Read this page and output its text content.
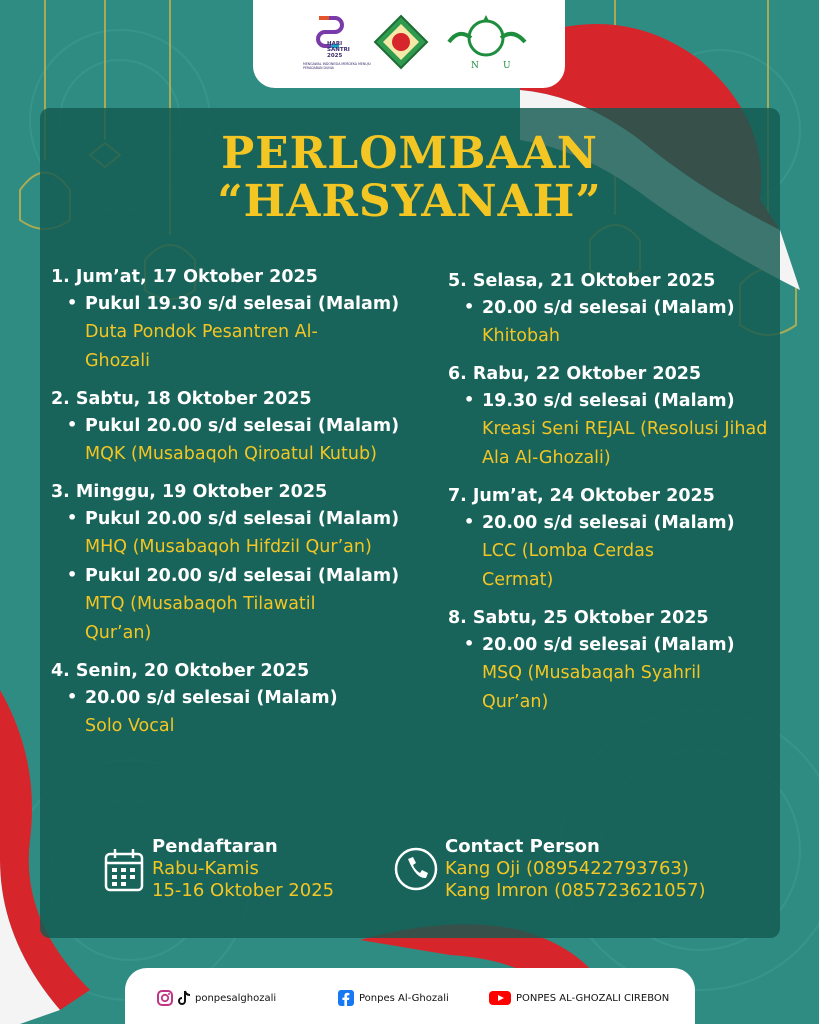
HARI
SANTRI
2025
MENGAWAL INDONESIA MERDEKA MENUJU PERADABAN DUNIA	N	U
PERLOMBAAN
“HARSYANAH”
1. Jum’at, 17 Oktober 2025
• Pukul 19.30 s/d selesai (Malam)
Duta Pondok Pesantren Al-Ghozali
2. Sabtu, 18 Oktober 2025
• Pukul 20.00 s/d selesai (Malam)
MQK (Musabaqoh Qiroatul Kutub)
3. Minggu, 19 Oktober 2025
• Pukul 20.00 s/d selesai (Malam)
MHQ (Musabaqoh Hifdzil Qur’an)
• Pukul 20.00 s/d selesai (Malam)
MTQ (Musabaqoh Tilawatil Qur’an)
4. Senin, 20 Oktober 2025
• 20.00 s/d selesai (Malam)
Solo Vocal
5. Selasa, 21 Oktober 2025
• 20.00 s/d selesai (Malam)
Khitobah
6. Rabu, 22 Oktober 2025
• 19.30 s/d selesai (Malam)
Kreasi Seni REJAL (Resolusi Jihad Ala Al-Ghozali)
7. Jum’at, 24 Oktober 2025
• 20.00 s/d selesai (Malam)
LCC (Lomba Cerdas Cermat)
8. Sabtu, 25 Oktober 2025
• 20.00 s/d selesai (Malam)
MSQ (Musabaqah Syahril Qur’an)
Pendaftaran
Rabu-Kamis
15-16 Oktober 2025
Contact Person
Kang Oji (0895422793763)
Kang Imron (085723621057)
ponpesalghozali	Ponpes Al-Ghozali	PONPES AL-GHOZALI CIREBON
